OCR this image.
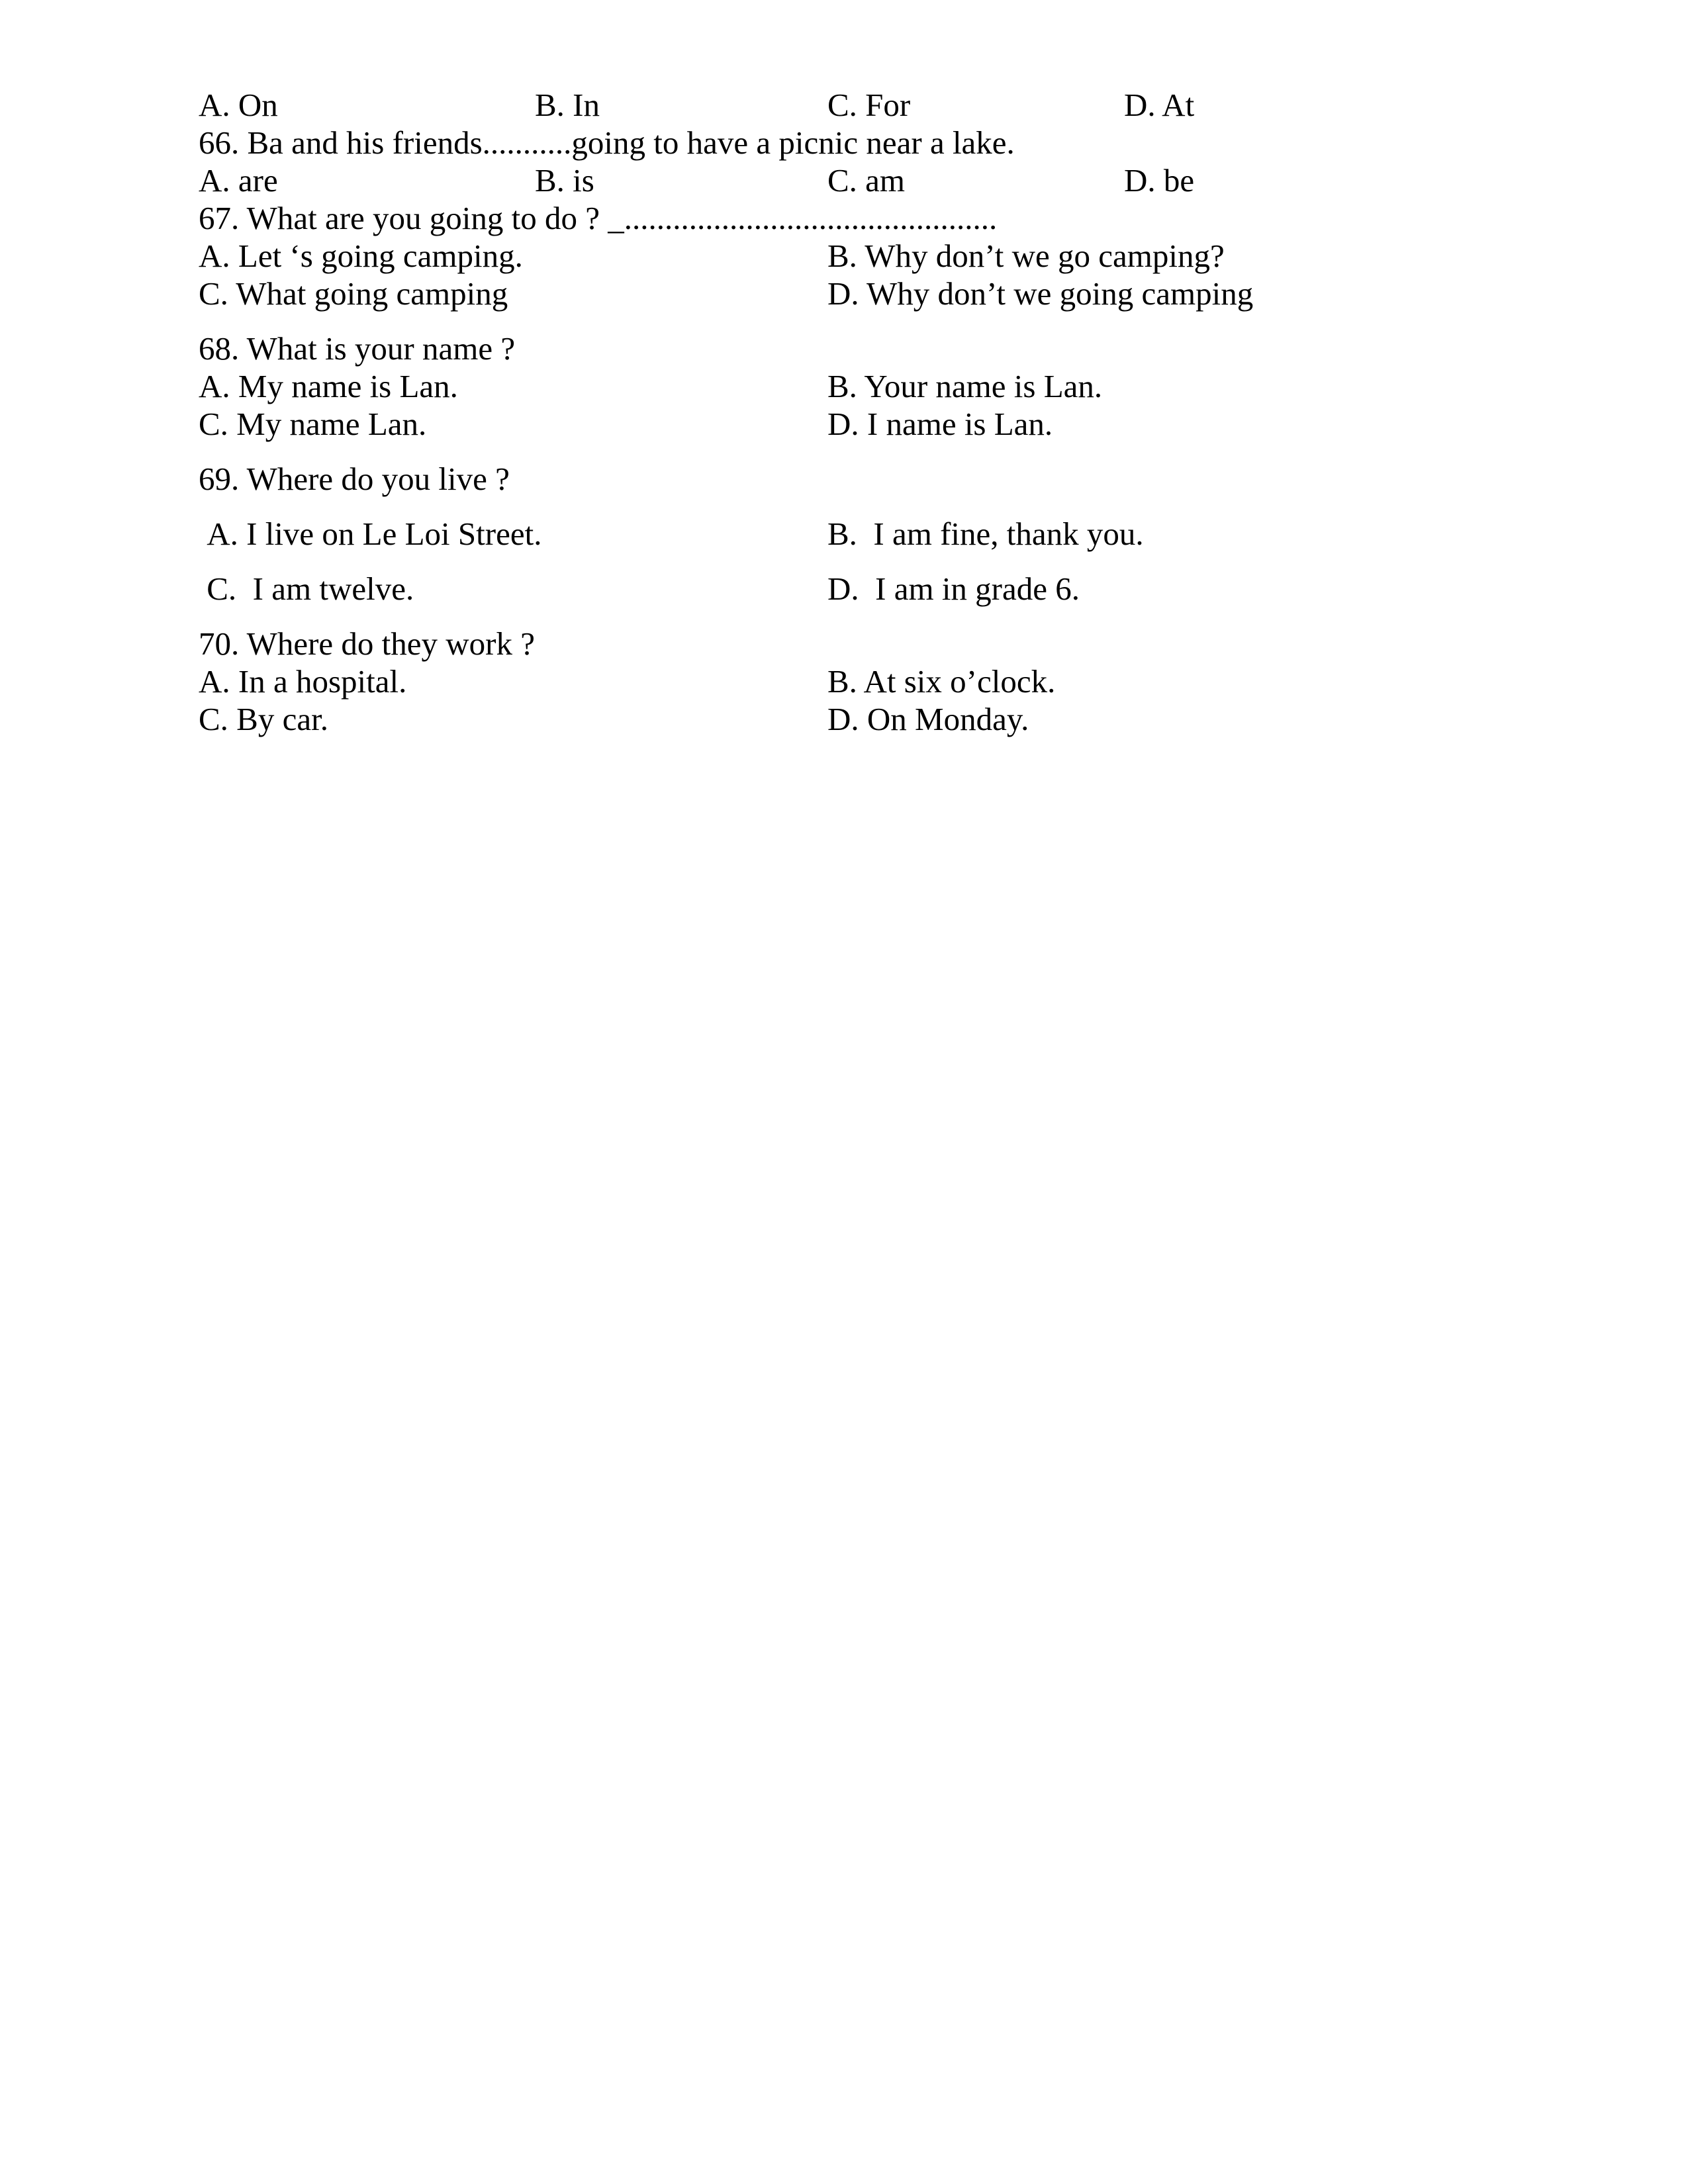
A. On	B. In	C. For	D. At
66. Ba and his friends...........going to have a picnic near a lake.
A. are	B. is	C. am	D. be
67. What are you going to do ? _..............................................
A. Let ‘s going camping.	B. Why don’t we go camping?
C. What going camping	D. Why don’t we going camping
68. What is your name ?
A. My name is Lan.	B. Your name is Lan.
C. My name Lan.	D. I name is Lan.
69. Where do you live ?
A. I live on Le Loi Street.	B.  I am fine, thank you.
C.  I am twelve.	D.  I am in grade 6.
70. Where do they work ?
A. In a hospital.	B. At six o’clock.
C. By car.	D. On Monday.
